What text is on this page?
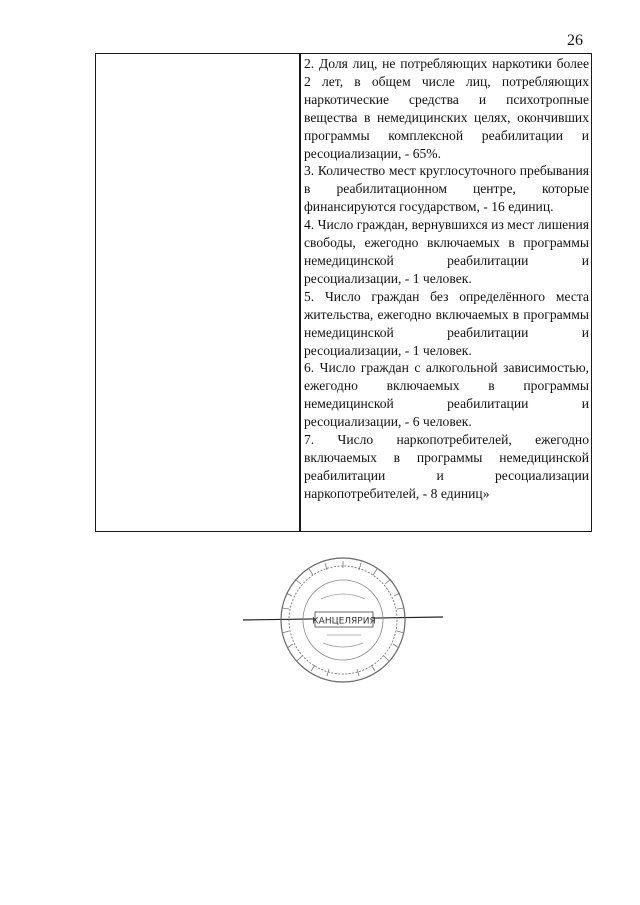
26

2. Доля лиц, не потребляющих наркотики более 2 лет, в общем числе лиц, потребляющих наркотические средства и психотропные вещества в немедицинских целях, окончивших программы комплексной реабилитации и ресоциализации, - 65%.

3. Количество мест круглосуточного пребывания в реабилитационном центре, которые финансируются государством, - 16 единиц.

4. Число граждан, вернувшихся из мест лишения свободы, ежегодно включаемых в программы немедицинской реабилитации и ресоциализации, - 1 человек.

5. Число граждан без определённого места жительства, ежегодно включаемых в программы немедицинской реабилитации и ресоциализации, - 1 человек.

6. Число граждан с алкогольной зависимостью, ежегодно включаемых в программы немедицинской реабилитации и ресоциализации, - 6 человек.

7. Число наркопотребителей, ежегодно включаемых в программы немедицинской реабилитации и ресоциализации наркопотребителей, - 8 единиц»

КАНЦЕЛЯРИЯ
